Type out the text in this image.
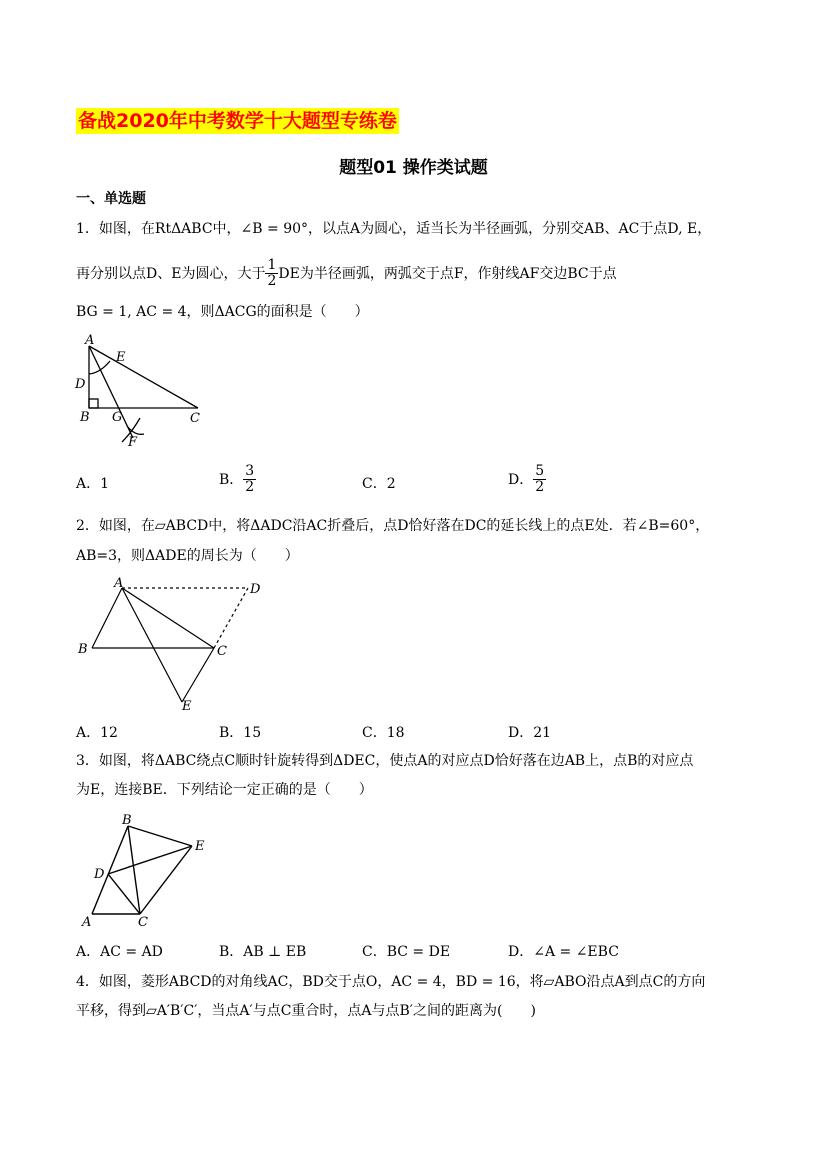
备战2020年中考数学十大题型专练卷
题型01 操作类试题
一、单选题
1．如图，在RtΔABC中，∠B = 90°，以点A为圆心，适当长为半径画弧，分别交AB、AC于点D, E，
再分别以点D、E为圆心，大于 $\frac{1}{2}$ DE为半径画弧，两弧交于点F，作射线AF交边BC于点
BG = 1, AC = 4，则ΔACG的面积是（　　）
A
E
D
B G	C
F
A．1	B． $\frac{3}{2}$	C．2	D． $\frac{5}{2}$
2．如图，在▱ABCD中，将ΔADC沿AC折叠后，点D恰好落在DC的延长线上的点E处．若∠B=60°，
AB=3，则ΔADE的周长为（　　）
A	D
B	C
E
A．12	B．15	C．18	D．21
3．如图，将ΔABC绕点C顺时针旋转得到ΔDEC，使点A的对应点D恰好落在边AB上，点B的对应点
为E，连接BE．下列结论一定正确的是（　　）
B
E
D
A	C
A．AC = AD	B．AB ⊥ EB	C．BC = DE	D．∠A = ∠EBC
4．如图，菱形ABCD的对角线AC，BD交于点O，AC = 4，BD = 16，将▱ABO沿点A到点C的方向
平移，得到▱A′B′C′，当点A′与点C重合时，点A与点B′之间的距离为(　　)
